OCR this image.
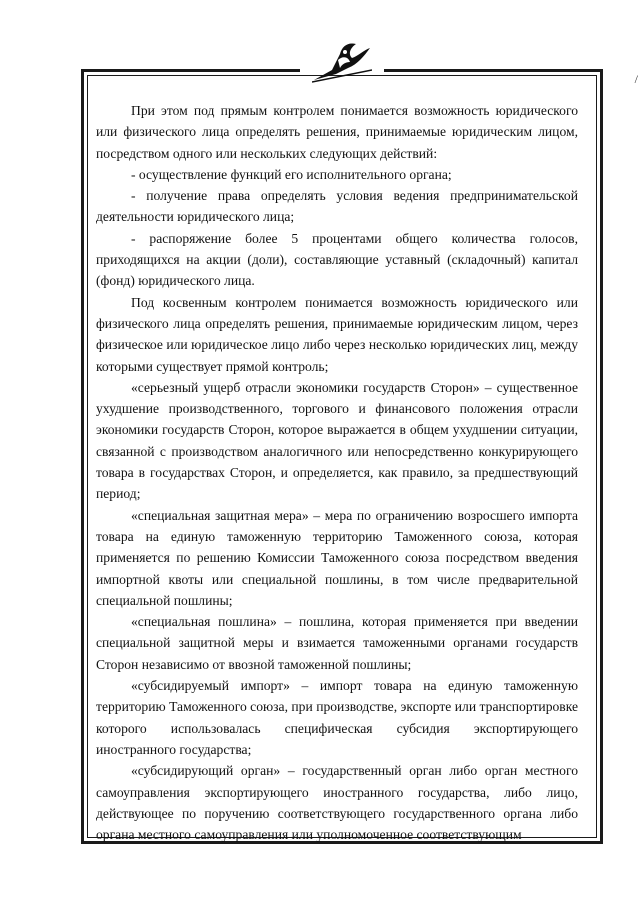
/

При этом под прямым контролем понимается возможность юридического или физического лица определять решения, принимаемые юридическим лицом, посредством одного или нескольких следующих действий:

- осуществление функций его исполнительного органа;

- получение права определять условия ведения предпринимательской деятельности юридического лица;

- распоряжение более 5 процентами общего количества голосов, приходящихся на акции (доли), составляющие уставный (складочный) капитал (фонд) юридического лица.

Под косвенным контролем понимается возможность юридического или физического лица определять решения, принимаемые юридическим лицом, через физическое или юридическое лицо либо через несколько юридических лиц, между которыми существует прямой контроль;

«серьезный ущерб отрасли экономики государств Сторон» – существенное ухудшение производственного, торгового и финансового положения отрасли экономики государств Сторон, которое выражается в общем ухудшении ситуации, связанной с производством аналогичного или непосредственно конкурирующего товара в государствах Сторон, и определяется, как правило, за предшествующий период;

«специальная защитная мера» – мера по ограничению возросшего импорта товара на единую таможенную территорию Таможенного союза, которая применяется по решению Комиссии Таможенного союза посредством введения импортной квоты или специальной пошлины, в том числе предварительной специальной пошлины;

«специальная пошлина» – пошлина, которая применяется при введении специальной защитной меры и взимается таможенными органами государств Сторон независимо от ввозной таможенной пошлины;

«субсидируемый импорт» – импорт товара на единую таможенную территорию Таможенного союза, при производстве, экспорте или транспортировке которого использовалась специфическая субсидия экспортирующего иностранного государства;

«субсидирующий орган» – государственный орган либо орган местного самоуправления экспортирующего иностранного государства, либо лицо, действующее по поручению соответствующего государственного органа либо органа местного самоуправления или уполномоченное соответствующим
